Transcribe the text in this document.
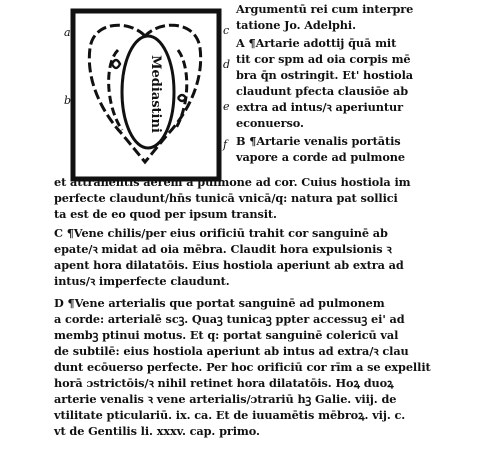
Mediastini
a
b
c
d
e
f
Argumentū rei cum interpre
tatione Jo. Adelphi.
A ¶Artarie adottij q̄uā mit
tit cor spm ad oia corpis mē
bra q̄n ostringit. Et' hostiola
claudunt pfecta clausiōe ab
extra ad intus/ꝛ aperiuntur
econuerso.
B ¶Artarie venalis portātis
vapore a corde ad pulmone
et attrahentis aerem a pulmone ad cor. Cuius hostiola im
perfecte claudunt/hn̄s tunicā vnicā/q: natura pat sollici
ta est de eo quod per ipsum transit.
C ¶Vene chilis/per eius orificiū trahit cor sanguinē ab
epate/ꝛ mi̇dat ad oia mēbra. Claudit hora expulsionis ꝛ
apent hora dilatatōis. Eius hostiola aperiunt ab extra ad
intus/ꝛ imperfecte claudunt.
D ¶Vene arterialis que portat sanguinē ad pulmonem
a corde: arterialē scꝫ. Quaꝫ tunicaꝫ ppter accessuꝫ ei' ad
membꝫ ptinui motus. Et q: portat sanguinē colericū val
de subtilē: eius hostiola aperiunt ab intus ad extra/ꝛ clau
dunt ecōuerso perfecte. Per hoc orificiū cor rīm a se expellit
horā ɔstrictōis/ꝛ nihil retinet hora dilatatōis. Hoꝝ duoꝝ
arterie venalis ꝛ vene arterialis/ɔtrariū hꝫ Galie. viij. de
vtilitate pticulariū. ix. ca. Et de iuuamētis mēbroꝝ. vij. c.
vt de Gentilis li. xxxv. cap. primo.
